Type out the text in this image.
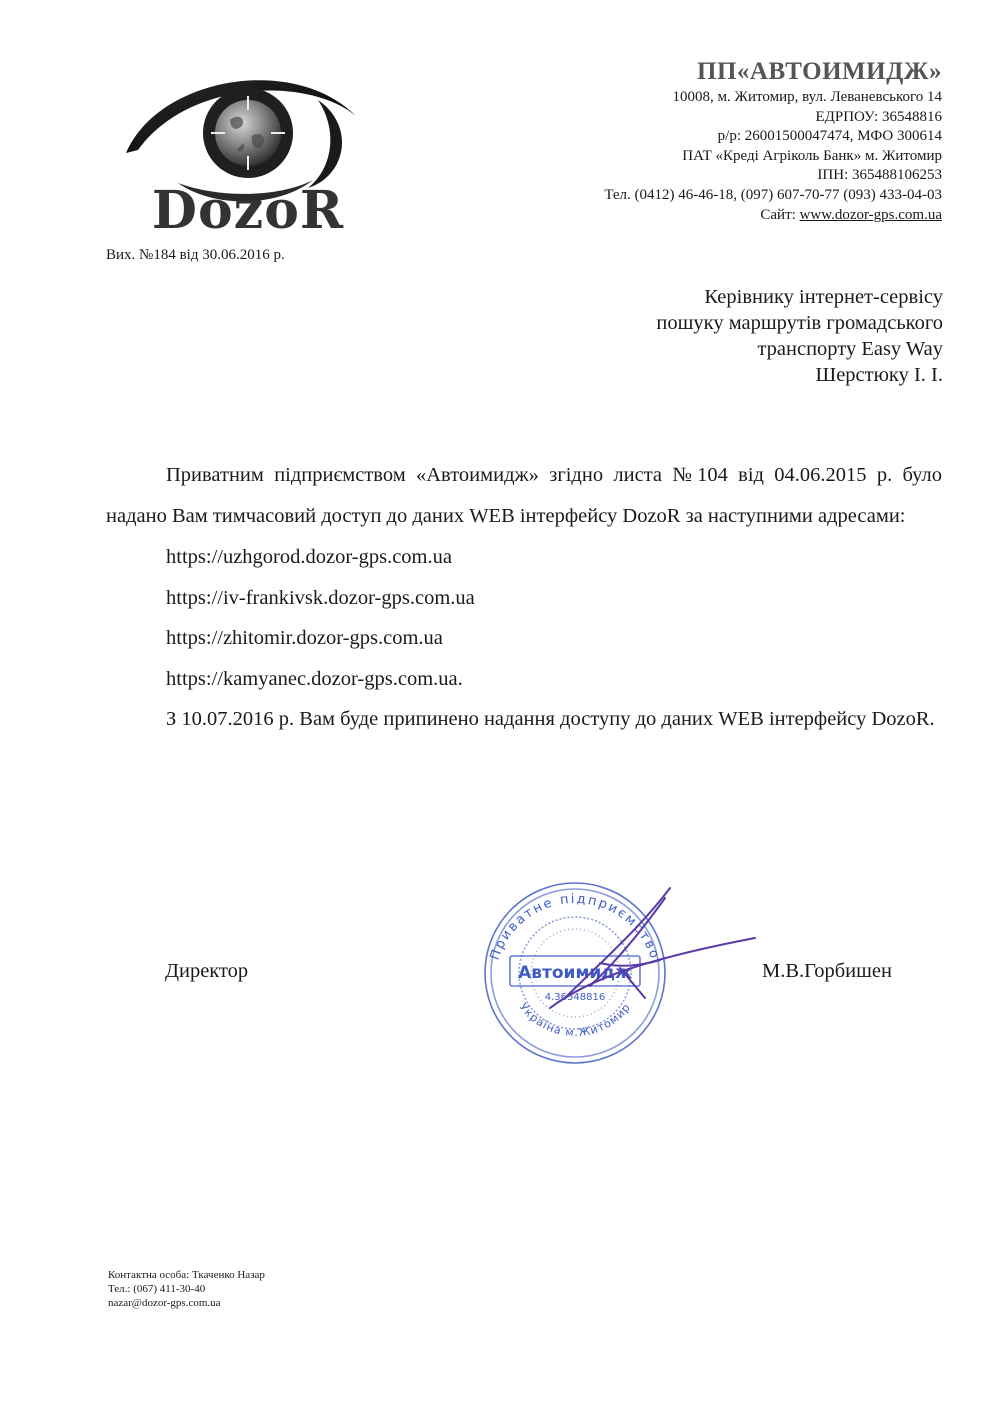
DozoR
Вих. №184 від 30.06.2016 р.
ПП«АВТОИМИДЖ»
10008, м. Житомир, вул. Леваневського 14
ЕДРПОУ: 36548816
р/р: 26001500047474, МФО 300614
ПАТ «Креді Агріколь Банк» м. Житомир
ІПН: 365488106253
Тел. (0412) 46-46-18, (097) 607-70-77 (093) 433-04-03
Сайт: www.dozor-gps.com.ua
Керівнику інтернет-сервісу
пошуку маршрутів громадського
транспорту Easy Way
Шерстюку І. І.

Приватним підприємством «Автоимидж» згідно листа №104 від 04.06.2015 р. було надано Вам тимчасовий доступ до даних WEB інтерфейсу DozoR за наступними адресами:

https://uzhgorod.dozor-gps.com.ua
https://iv-frankivsk.dozor-gps.com.ua
https://zhitomir.dozor-gps.com.ua
https://kamyanec.dozor-gps.com.ua.

З 10.07.2016 р. Вам буде припинено надання доступу до даних WEB інтерфейсу DozoR.

Приватне підприємство
Автоимидж
4.36548816
Україна м.Житомир
Директор	М.В.Горбишен
Контактна особа: Ткаченко Назар
Тел.: (067) 411-30-40
nazar@dozor-gps.com.ua
